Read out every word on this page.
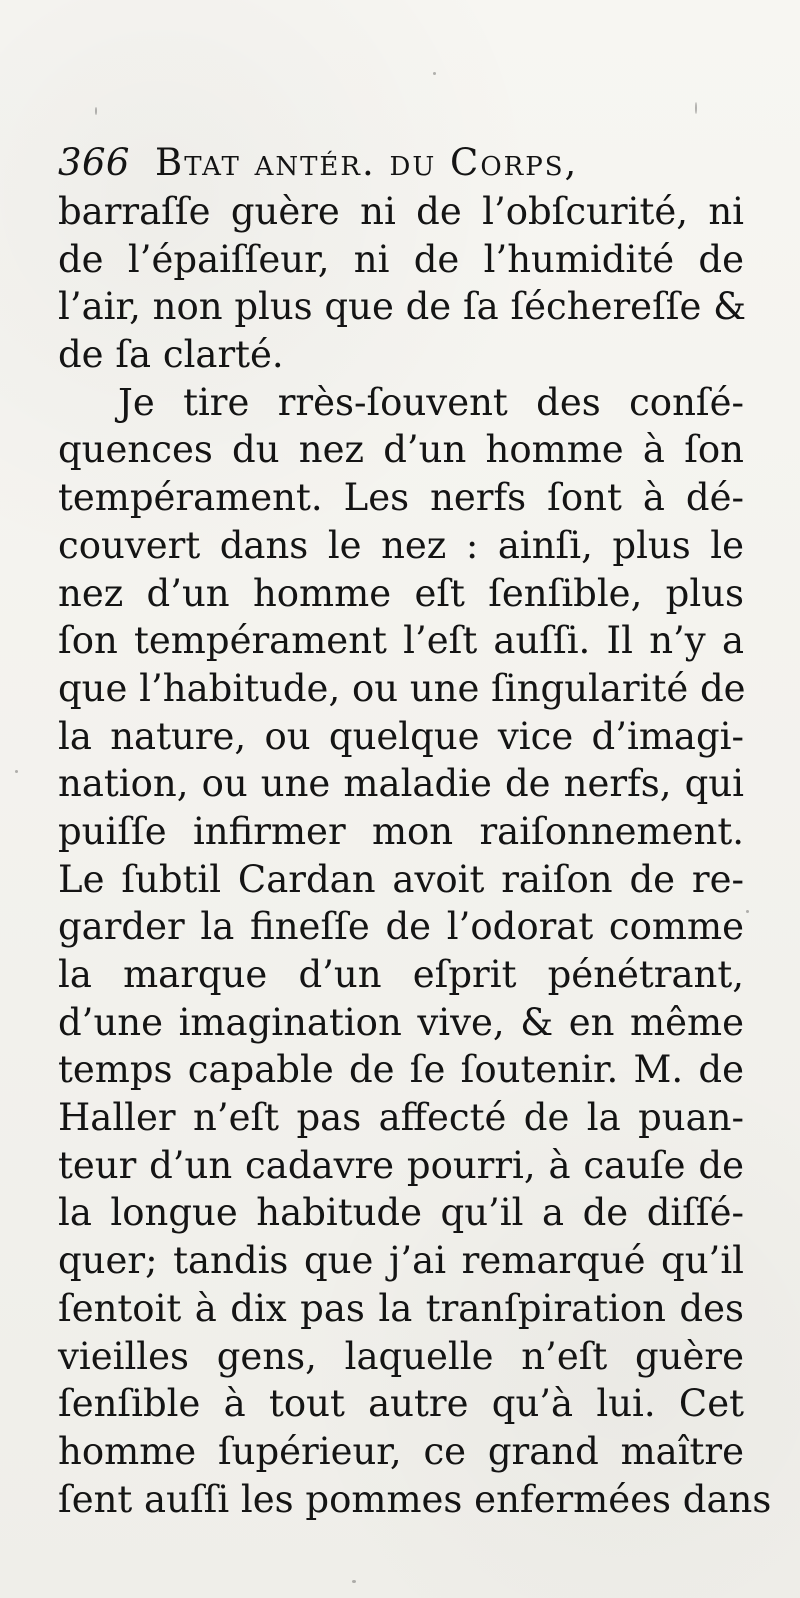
366 Btat antér. du Corps,
barraſſe guère ni de l’obſcurité, ni
de l’épaiſſeur, ni de l’humidité de
l’air, non plus que de ſa ſéchereſſe &
de ſa clarté.
Je tire rrès-ſouvent des conſé-
quences du nez d’un homme à ſon
tempérament. Les nerfs ſont à dé-
couvert dans le nez : ainſi, plus le
nez d’un homme eſt ſenſible, plus
ſon tempérament l’eſt auſſi. Il n’y a
que l’habitude, ou une ſingularité de
la nature, ou quelque vice d’imagi-
nation, ou une maladie de nerfs, qui
puiſſe infirmer mon raiſonnement.
Le ſubtil Cardan avoit raiſon de re-
garder la fineſſe de l’odorat comme
la marque d’un eſprit pénétrant,
d’une imagination vive, & en même
temps capable de ſe ſoutenir. M. de
Haller n’eſt pas affecté de la puan-
teur d’un cadavre pourri, à cauſe de
la longue habitude qu’il a de diſſé-
quer; tandis que j’ai remarqué qu’il
ſentoit à dix pas la tranſpiration des
vieilles gens, laquelle n’eſt guère
ſenſible à tout autre qu’à lui. Cet
homme ſupérieur, ce grand maître
ſent auſſi les pommes enfermées dans
